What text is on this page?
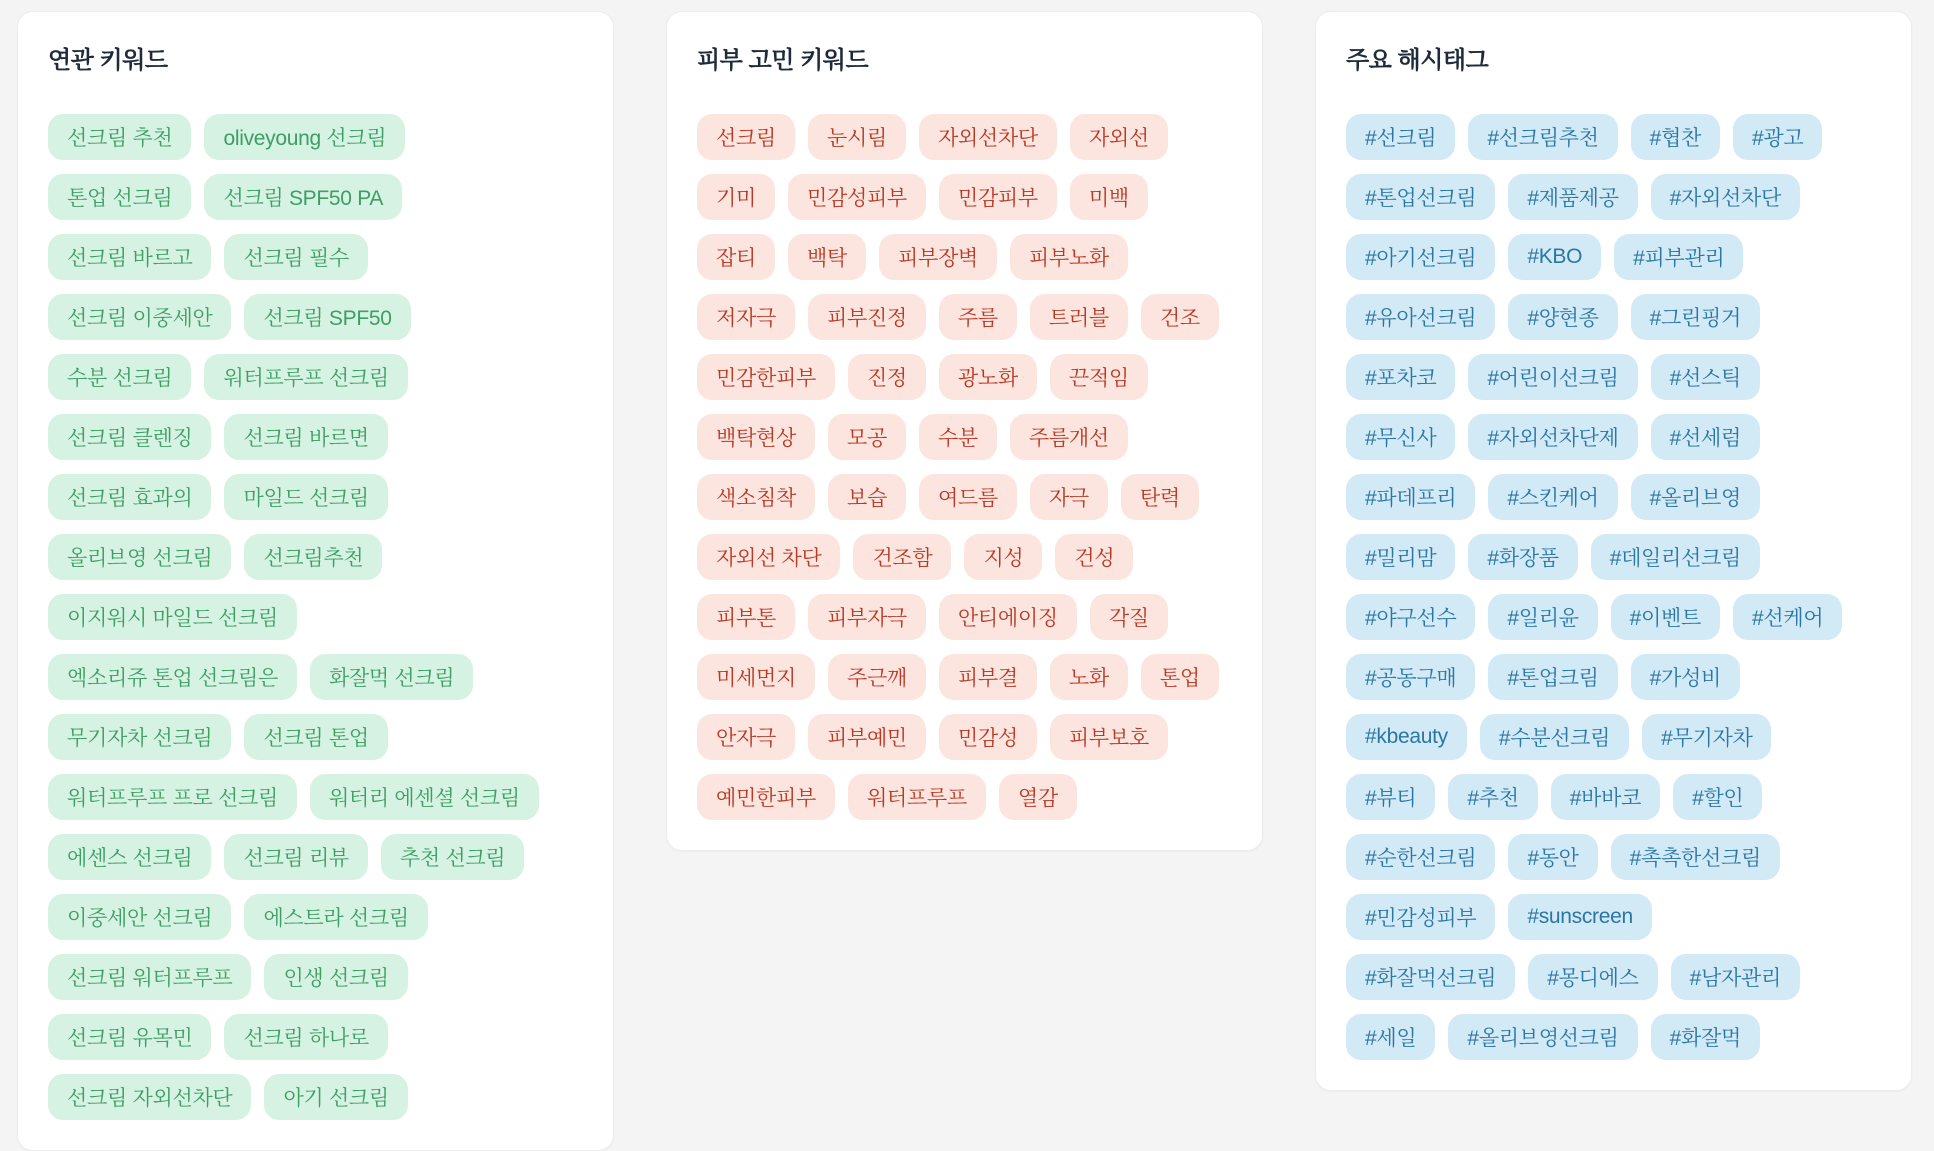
연관 키워드
선크림 추천	oliveyoung 선크림
톤업 선크림	선크림 SPF50 PA
선크림 바르고	선크림 필수
선크림 이중세안	선크림 SPF50
수분 선크림	워터프루프 선크림
선크림 클렌징	선크림 바르면
선크림 효과의	마일드 선크림
올리브영 선크림	선크림추천
이지워시 마일드 선크림
엑소리쥬 톤업 선크림은	화잘먹 선크림
무기자차 선크림	선크림 톤업
워터프루프 프로 선크림	워터리 에센셜 선크림
에센스 선크림	선크림 리뷰	추천 선크림
이중세안 선크림	에스트라 선크림
선크림 워터프루프	인생 선크림
선크림 유목민	선크림 하나로
선크림 자외선차단	아기 선크림
피부 고민 키워드
선크림	눈시림	자외선차단	자외선
기미	민감성피부	민감피부	미백
잡티	백탁	피부장벽	피부노화
저자극	피부진정	주름	트러블	건조
민감한피부	진정	광노화	끈적임
백탁현상	모공	수분	주름개선
색소침착	보습	여드름	자극	탄력
자외선 차단	건조함	지성	건성
피부톤	피부자극	안티에이징	각질
미세먼지	주근깨	피부결	노화	톤업
안자극	피부예민	민감성	피부보호
예민한피부	워터프루프	열감
주요 해시태그
#선크림	#선크림추천	#협찬	#광고
#톤업선크림	#제품제공	#자외선차단
#아기선크림	#KBO	#피부관리
#유아선크림	#양현종	#그린핑거
#포차코	#어린이선크림	#선스틱
#무신사	#자외선차단제	#선세럼
#파데프리	#스킨케어	#올리브영
#밀리맘	#화장품	#데일리선크림
#야구선수	#일리윤	#이벤트	#선케어
#공동구매	#톤업크림	#가성비
#kbeauty	#수분선크림	#무기자차
#뷰티	#추천	#바바코	#할인
#순한선크림	#동안	#촉촉한선크림
#민감성피부	#sunscreen
#화잘먹선크림	#몽디에스	#남자관리
#세일	#올리브영선크림	#화잘먹
